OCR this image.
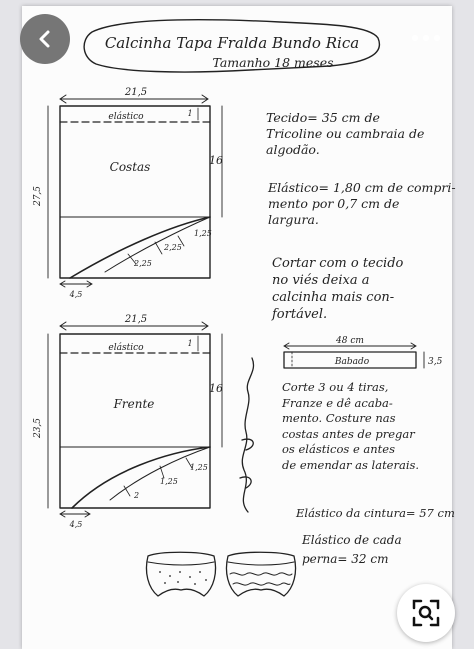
Calcinha Tapa Fralda Bundo Rica
Tamanho 18 meses
21,5
elástico	1
Costas	16
27,5
1,25
2,25
2,25
4,5
21,5
elástico	1
Frente
16
23,5
1,25
1,25
2
4,5
48 cm
Babado	3,5
Tecido= 35 cm de
Tricoline ou cambraia de
algodão.
Elástico= 1,80 cm de compri-
mento por 0,7 cm de
largura.
Cortar com o tecido
no viés deixa a
calcinha mais con-
fortável.
Corte 3 ou 4 tiras,
Franze e dê acaba-
mento. Costure nas
costas antes de pregar
os elásticos e antes
de emendar as laterais.
Elástico da cintura= 57 cm
Elástico de cada
perna= 32 cm
